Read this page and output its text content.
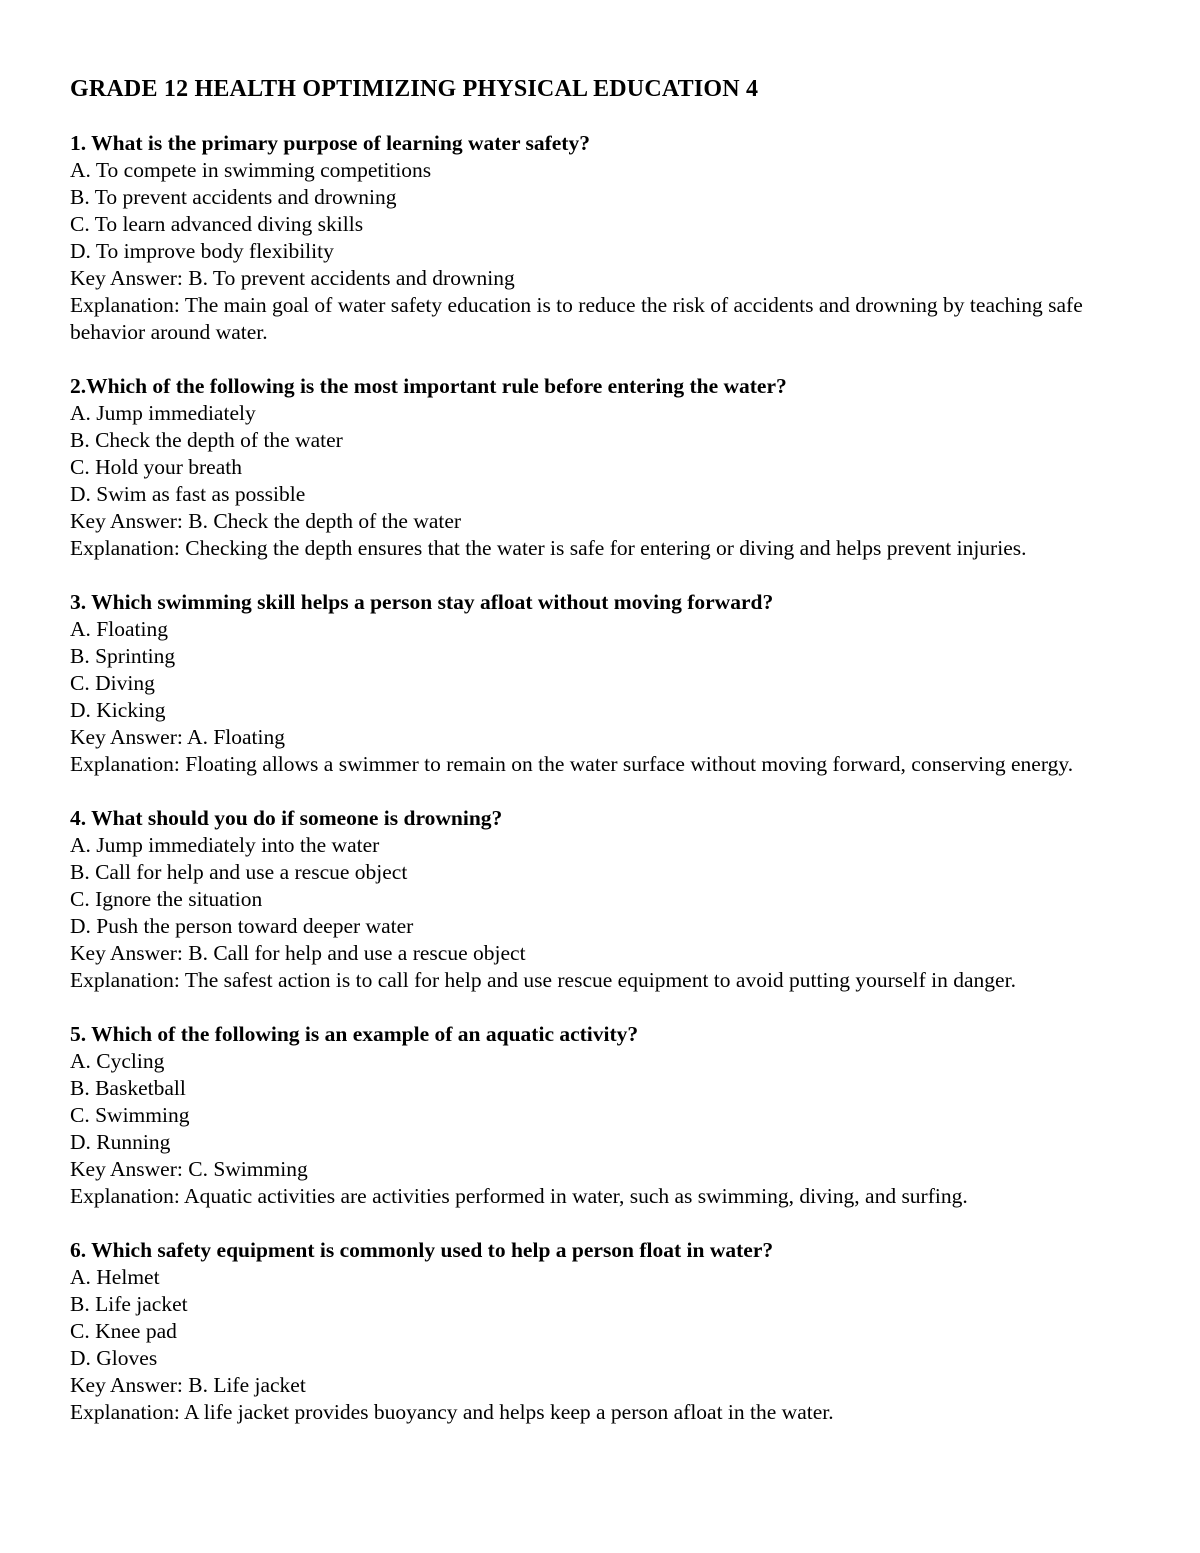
GRADE 12 HEALTH OPTIMIZING PHYSICAL EDUCATION 4

1. What is the primary purpose of learning water safety?

A. To compete in swimming competitions

B. To prevent accidents and drowning

C. To learn advanced diving skills

D. To improve body flexibility

Key Answer: B. To prevent accidents and drowning

Explanation: The main goal of water safety education is to reduce the risk of accidents and drowning by teaching safe behavior around water.

2.Which of the following is the most important rule before entering the water?

A. Jump immediately

B. Check the depth of the water

C. Hold your breath

D. Swim as fast as possible

Key Answer: B. Check the depth of the water

Explanation: Checking the depth ensures that the water is safe for entering or diving and helps prevent injuries.

3. Which swimming skill helps a person stay afloat without moving forward?

A. Floating

B. Sprinting

C. Diving

D. Kicking

Key Answer: A. Floating

Explanation: Floating allows a swimmer to remain on the water surface without moving forward, conserving energy.

4. What should you do if someone is drowning?

A. Jump immediately into the water

B. Call for help and use a rescue object

C. Ignore the situation

D. Push the person toward deeper water

Key Answer: B. Call for help and use a rescue object

Explanation: The safest action is to call for help and use rescue equipment to avoid putting yourself in danger.

5. Which of the following is an example of an aquatic activity?

A. Cycling

B. Basketball

C. Swimming

D. Running

Key Answer: C. Swimming

Explanation: Aquatic activities are activities performed in water, such as swimming, diving, and surfing.

6. Which safety equipment is commonly used to help a person float in water?

A. Helmet

B. Life jacket

C. Knee pad

D. Gloves

Key Answer: B. Life jacket

Explanation: A life jacket provides buoyancy and helps keep a person afloat in the water.
